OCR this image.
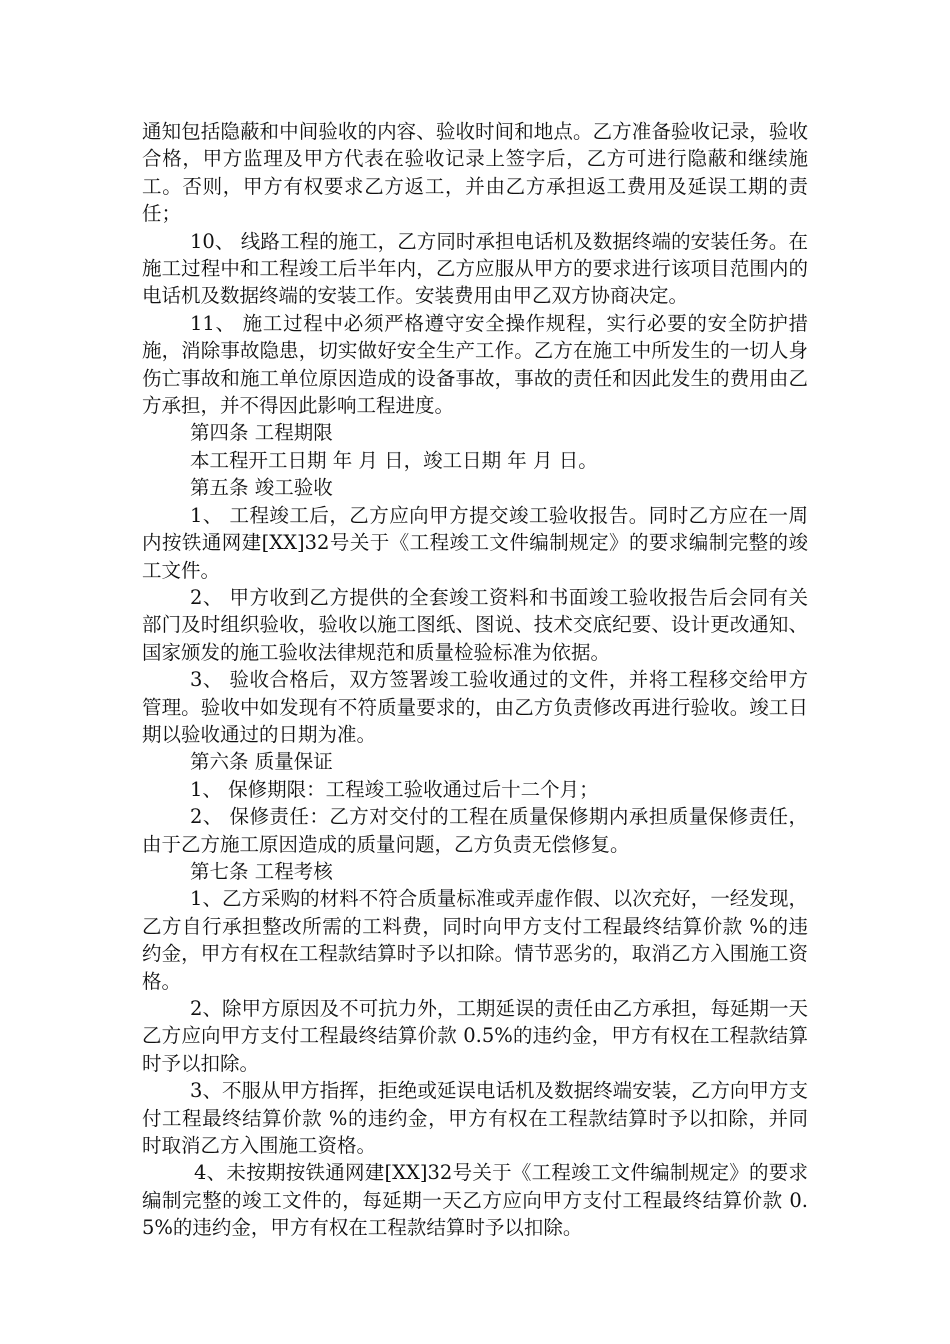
通知包括隐蔽和中间验收的内容、验收时间和地点。乙方准备验收记录，验收合格，甲方监理及甲方代表在验收记录上签字后，乙方可进行隐蔽和继续施工。否则，甲方有权要求乙方返工，并由乙方承担返工费用及延误工期的责任；

10、 线路工程的施工，乙方同时承担电话机及数据终端的安装任务。在施工过程中和工程竣工后半年内，乙方应服从甲方的要求进行该项目范围内的电话机及数据终端的安装工作。安装费用由甲乙双方协商决定。

11、 施工过程中必须严格遵守安全操作规程，实行必要的安全防护措施，消除事故隐患，切实做好安全生产工作。乙方在施工中所发生的一切人身伤亡事故和施工单位原因造成的设备事故，事故的责任和因此发生的费用由乙方承担，并不得因此影响工程进度。

第四条 工程期限

本工程开工日期 年 月 日，竣工日期 年 月 日。

第五条 竣工验收

1、 工程竣工后，乙方应向甲方提交竣工验收报告。同时乙方应在一周内按铁通网建[XX]32号关于《工程竣工文件编制规定》的要求编制完整的竣工文件。

2、 甲方收到乙方提供的全套竣工资料和书面竣工验收报告后会同有关部门及时组织验收，验收以施工图纸、图说、技术交底纪要、设计更改通知、国家颁发的施工验收法律规范和质量检验标准为依据。

3、 验收合格后，双方签署竣工验收通过的文件，并将工程移交给甲方管理。验收中如发现有不符质量要求的，由乙方负责修改再进行验收。竣工日期以验收通过的日期为准。

第六条 质量保证

1、 保修期限：工程竣工验收通过后十二个月；

2、 保修责任：乙方对交付的工程在质量保修期内承担质量保修责任，由于乙方施工原因造成的质量问题，乙方负责无偿修复。

第七条 工程考核

1、乙方采购的材料不符合质量标准或弄虚作假、以次充好，一经发现，乙方自行承担整改所需的工料费，同时向甲方支付工程最终结算价款 %的违约金，甲方有权在工程款结算时予以扣除。情节恶劣的，取消乙方入围施工资格。

2、除甲方原因及不可抗力外，工期延误的责任由乙方承担，每延期一天乙方应向甲方支付工程最终结算价款 0.5%的违约金，甲方有权在工程款结算时予以扣除。

3、不服从甲方指挥，拒绝或延误电话机及数据终端安装，乙方向甲方支付工程最终结算价款 %的违约金，甲方有权在工程款结算时予以扣除，并同时取消乙方入围施工资格。

4、未按期按铁通网建[XX]32号关于《工程竣工文件编制规定》的要求编制完整的竣工文件的，每延期一天乙方应向甲方支付工程最终结算价款 0.5%的违约金，甲方有权在工程款结算时予以扣除。
